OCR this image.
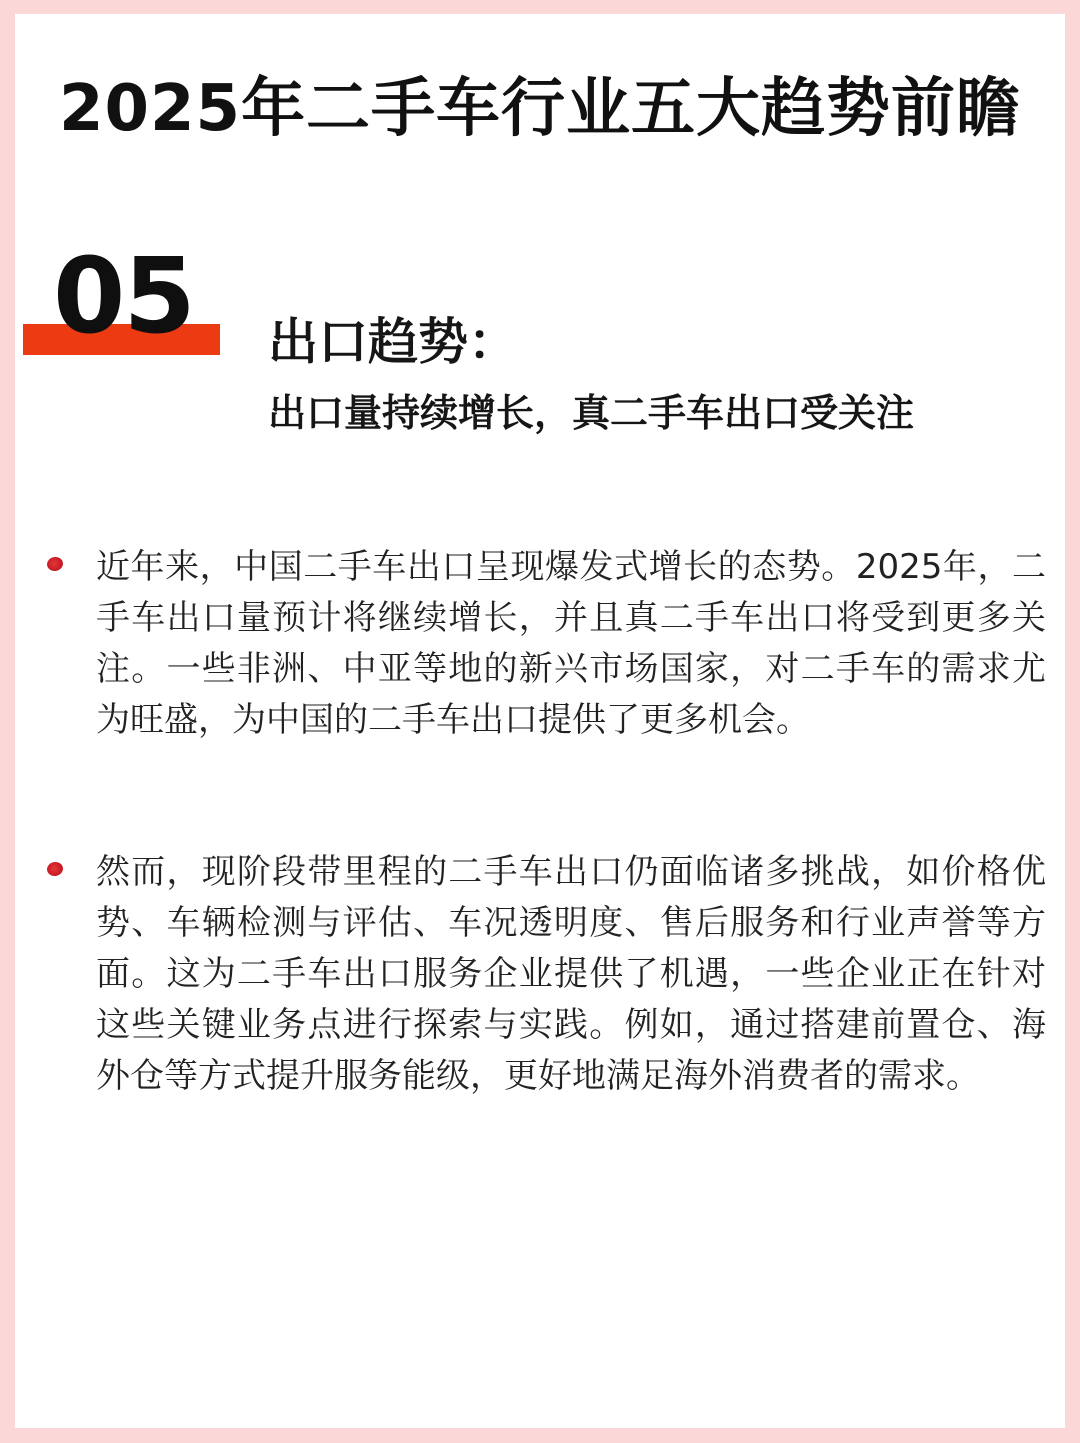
2025年二手车行业五大趋势前瞻
05 出口趋势：
出口量持续增长，真二手车出口受关注

近年来，中国二手车出口呈现爆发式增长的态势。2025年，二手车出口量预计将继续增长，并且真二手车出口将受到更多关注。一些非洲、中亚等地的新兴市场国家，对二手车的需求尤为旺盛，为中国的二手车出口提供了更多机会。

然而，现阶段带里程的二手车出口仍面临诸多挑战，如价格优势、车辆检测与评估、车况透明度、售后服务和行业声誉等方面。这为二手车出口服务企业提供了机遇，一些企业正在针对这些关键业务点进行探索与实践。例如，通过搭建前置仓、海外仓等方式提升服务能级，更好地满足海外消费者的需求。
